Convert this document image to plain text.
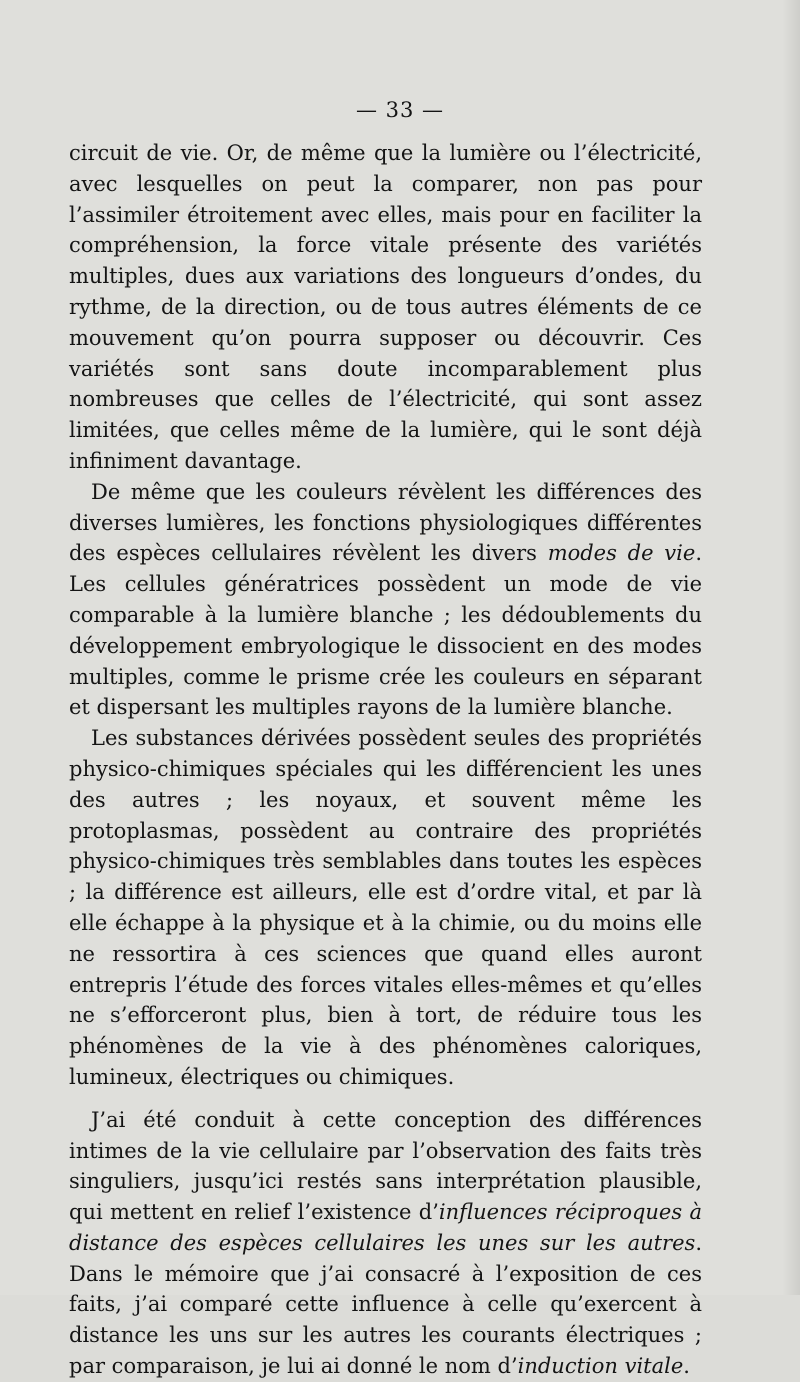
— 33 —

circuit de vie. Or, de même que la lumière ou l’électricité, avec lesquelles on peut la comparer, non pas pour l’assimiler étroitement avec elles, mais pour en faciliter la compréhension, la force vitale présente des variétés multiples, dues aux variations des longueurs d’ondes, du rythme, de la direction, ou de tous autres éléments de ce mouvement qu’on pourra supposer ou découvrir. Ces variétés sont sans doute incomparablement plus nombreuses que celles de l’électricité, qui sont assez limitées, que celles même de la lumière, qui le sont déjà infiniment davantage.

De même que les couleurs révèlent les différences des diverses lumières, les fonctions physiologiques différentes des espèces cellulaires révèlent les divers modes de vie. Les cellules génératrices possèdent un mode de vie comparable à la lumière blanche ; les dédoublements du développement embryologique le dissocient en des modes multiples, comme le prisme crée les couleurs en séparant et dispersant les multiples rayons de la lumière blanche.

Les substances dérivées possèdent seules des propriétés physico-chimiques spéciales qui les différencient les unes des autres ; les noyaux, et souvent même les protoplasmas, possèdent au contraire des propriétés physico-chimiques très semblables dans toutes les espèces ; la différence est ailleurs, elle est d’ordre vital, et par là elle échappe à la physique et à la chimie, ou du moins elle ne ressortira à ces sciences que quand elles auront entrepris l’étude des forces vitales elles-mêmes et qu’elles ne s’efforceront plus, bien à tort, de réduire tous les phénomènes de la vie à des phénomènes caloriques, lumineux, électriques ou chimiques.

J’ai été conduit à cette conception des différences intimes de la vie cellulaire par l’observation des faits très singuliers, jusqu’ici restés sans interprétation plausible, qui mettent en relief l’existence d’influences réciproques à distance des espèces cellulaires les unes sur les autres. Dans le mémoire que j’ai consacré à l’exposition de ces faits, j’ai comparé cette influence à celle qu’exercent à distance les uns sur les autres les courants électriques ; par comparaison, je lui ai donné le nom d’induction vitale.
